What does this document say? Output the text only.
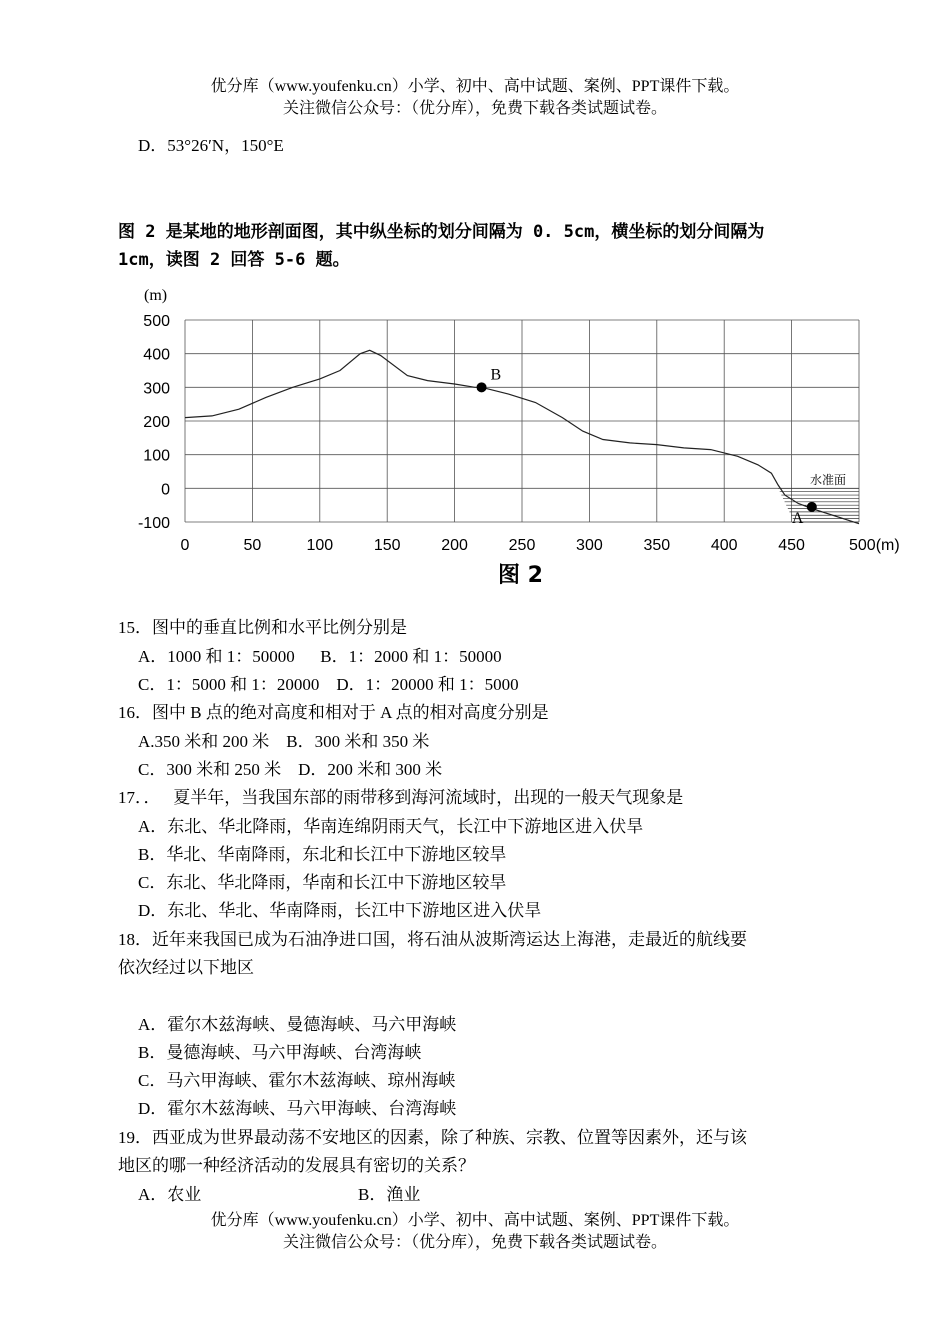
优分库（www.youfenku.cn）小学、初中、高中试题、案例、PPT课件下载。
关注微信公众号：（优分库），免费下载各类试题试卷。
D．53°26′N，150°E
图 2 是某地的地形剖面图，其中纵坐标的划分间隔为 0. 5cm，横坐标的划分间隔为
1cm，读图 2 回答 5-6 题。
0	50	100	150	200	250	300	350	400	450	500(m)
500
400
300
200
100
0
-100
B
A
(m)
水准面
图 2
15．图中的垂直比例和水平比例分别是
A．1000 和 1：50000      B．1：2000 和 1：50000
C．1：5000 和 1：20000    D．1：20000 和 1：5000
16．图中 B 点的绝对高度和相对于 A 点的相对高度分别是
A.350 米和 200 米    B．300 米和 350 米
C．300 米和 250 米    D．200 米和 300 米
17．．   夏半年，当我国东部的雨带移到海河流域时，出现的一般天气现象是
A．东北、华北降雨，华南连绵阴雨天气，长江中下游地区进入伏旱
B．华北、华南降雨，东北和长江中下游地区较旱
C．东北、华北降雨，华南和长江中下游地区较旱
D．东北、华北、华南降雨，长江中下游地区进入伏旱
18．近年来我国已成为石油净进口国，将石油从波斯湾运达上海港，走最近的航线要
依次经过以下地区
A．霍尔木兹海峡、曼德海峡、马六甲海峡
B．曼德海峡、马六甲海峡、台湾海峡
C．马六甲海峡、霍尔木兹海峡、琼州海峡
D．霍尔木兹海峡、马六甲海峡、台湾海峡
19．西亚成为世界最动荡不安地区的因素，除了种族、宗教、位置等因素外，还与该
地区的哪一种经济活动的发展具有密切的关系？
A．农业	B．渔业
优分库（www.youfenku.cn）小学、初中、高中试题、案例、PPT课件下载。
关注微信公众号：（优分库），免费下载各类试题试卷。
